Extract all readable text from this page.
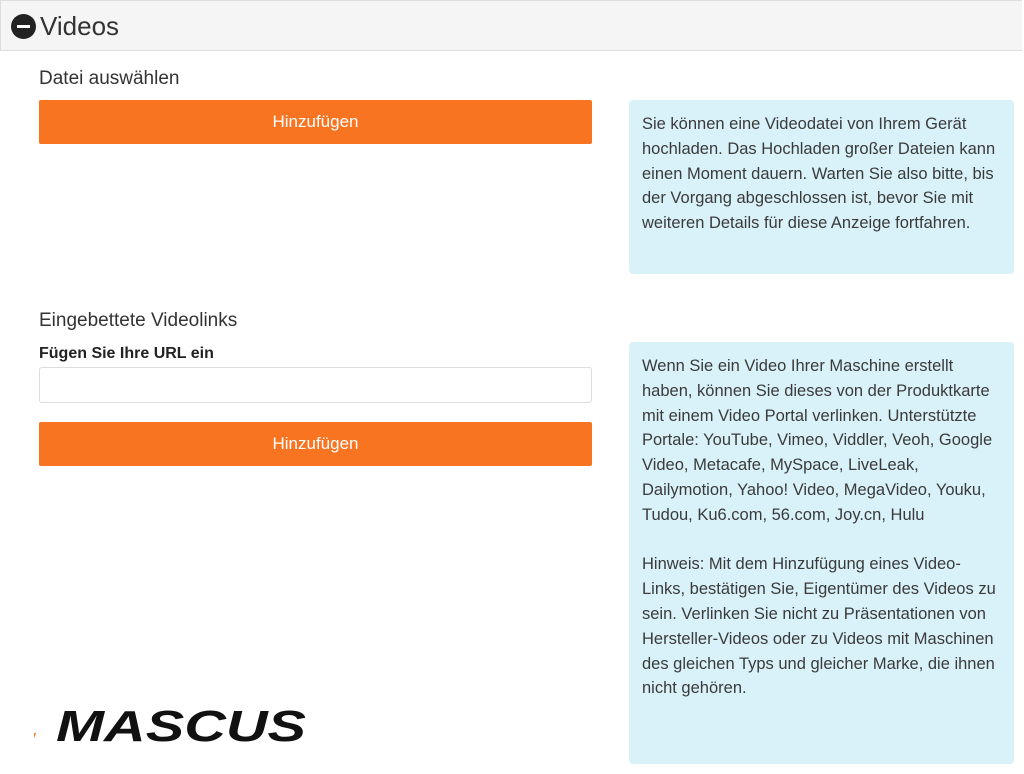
Videos
Datei auswählen
Hinzufügen	Sie können eine Videodatei von Ihrem Gerät hochladen. Das Hochladen großer Dateien kann einen Moment dauern. Warten Sie also bitte, bis der Vorgang abgeschlossen ist, bevor Sie mit weiteren Details für diese Anzeige fortfahren.
Eingebettete Videolinks
Fügen Sie Ihre URL ein
Hinzufügen
Wenn Sie ein Video Ihrer Maschine erstellt haben, können Sie dieses von der Produktkarte mit einem Video Portal verlinken. Unterstützte Portale: YouTube, Vimeo, Viddler, Veoh, Google Video, Metacafe, MySpace, LiveLeak, Dailymotion, Yahoo! Video, MegaVideo, Youku, Tudou, Ku6.com, 56.com, Joy.cn, Hulu

Hinweis: Mit dem Hinzufügung eines Video-Links, bestätigen Sie, Eigentümer des Videos zu sein. Verlinken Sie nicht zu Präsentationen von Hersteller-Videos oder zu Videos mit Maschinen des gleichen Typs und gleicher Marke, die ihnen nicht gehören.
MASCUS
